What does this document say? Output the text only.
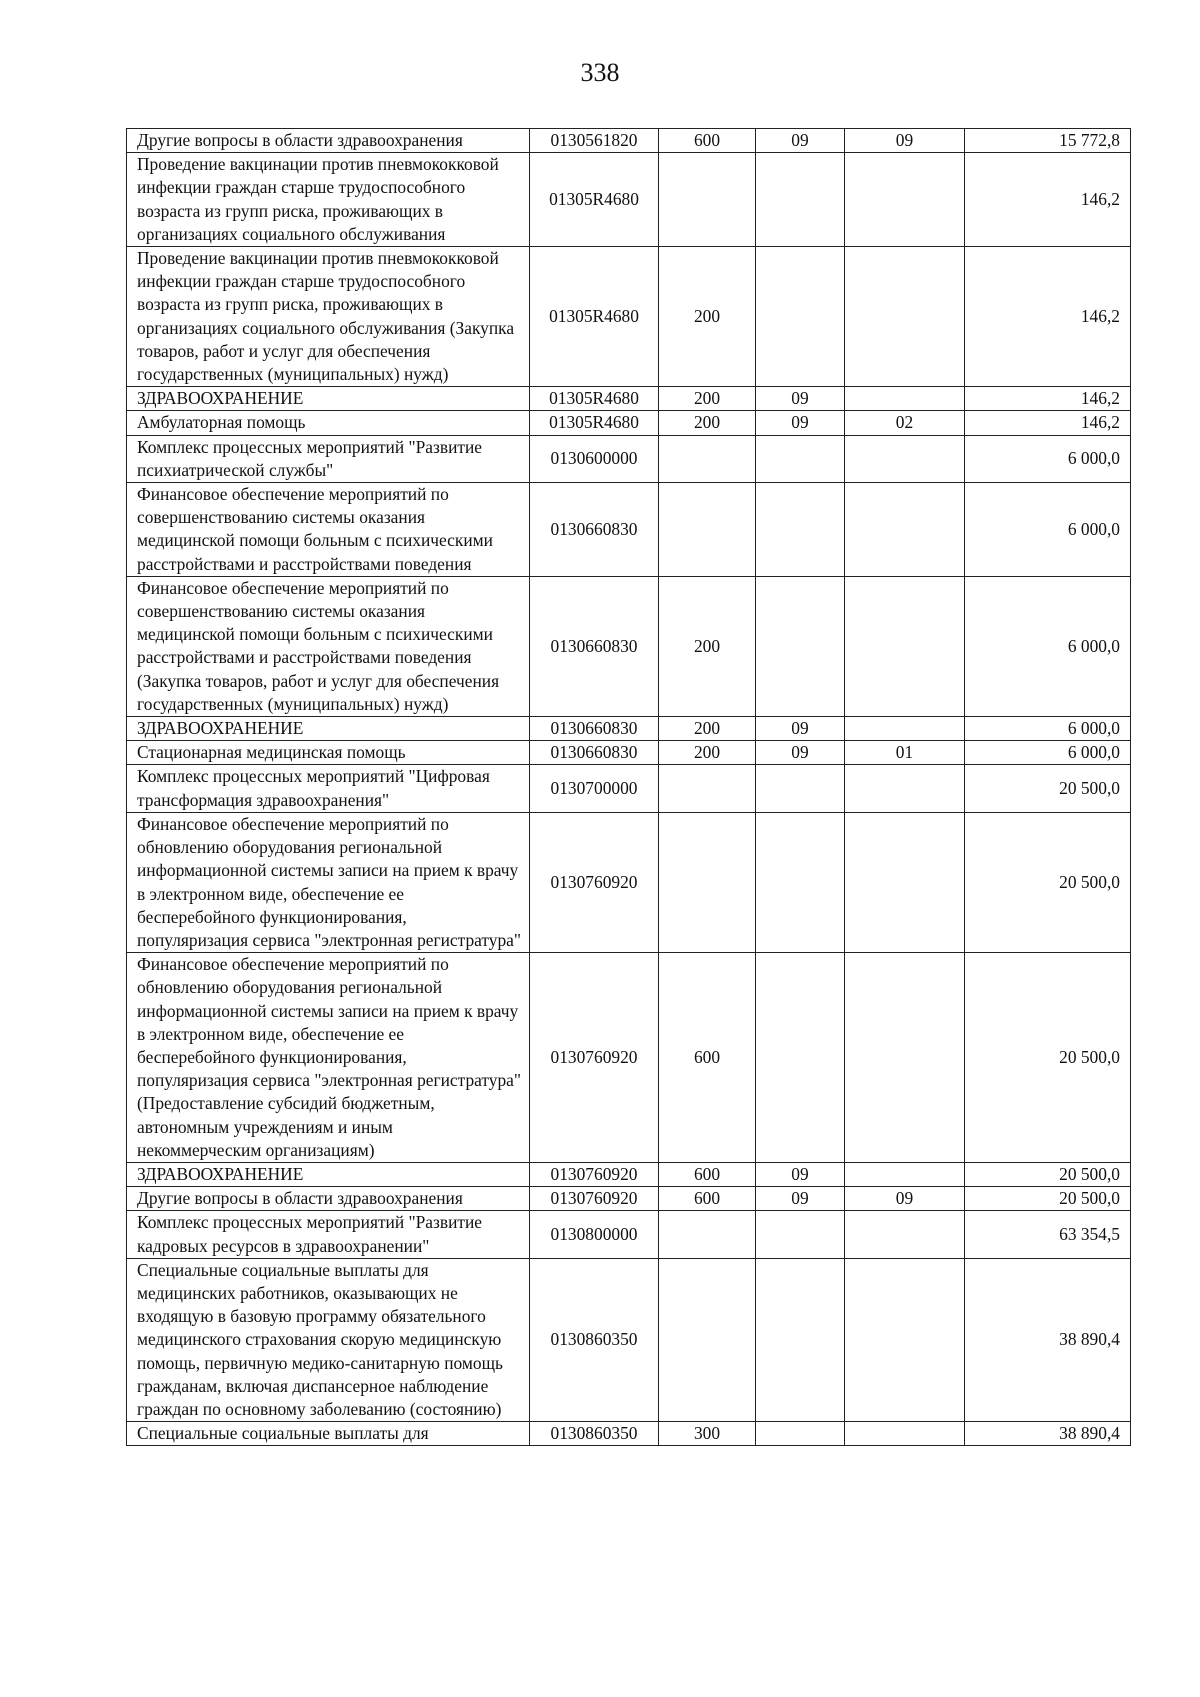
338
Другие вопросы в области здравоохранения	0130561820	600	09	09	15 772,8
Проведение вакцинации против пневмококковой инфекции граждан старше трудоспособного возраста из групп риска, проживающих в организациях социального обслуживания	01305R4680				146,2
Проведение вакцинации против пневмококковой инфекции граждан старше трудоспособного возраста из групп риска, проживающих в организациях социального обслуживания (Закупка товаров, работ и услуг для обеспечения государственных (муниципальных) нужд)	01305R4680	200			146,2
ЗДРАВООХРАНЕНИЕ	01305R4680	200	09		146,2
Амбулаторная помощь	01305R4680	200	09	02	146,2
Комплекс процессных мероприятий "Развитие психиатрической службы"	0130600000				6 000,0
Финансовое обеспечение мероприятий по совершенствованию системы оказания медицинской помощи больным с психическими расстройствами и расстройствами поведения	0130660830				6 000,0
Финансовое обеспечение мероприятий по совершенствованию системы оказания медицинской помощи больным с психическими расстройствами и расстройствами поведения (Закупка товаров, работ и услуг для обеспечения государственных (муниципальных) нужд)	0130660830	200			6 000,0
ЗДРАВООХРАНЕНИЕ	0130660830	200	09		6 000,0
Стационарная медицинская помощь	0130660830	200	09	01	6 000,0
Комплекс процессных мероприятий "Цифровая трансформация здравоохранения"	0130700000				20 500,0
Финансовое обеспечение мероприятий по обновлению оборудования региональной информационной системы записи на прием к врачу в электронном виде, обеспечение ее бесперебойного функционирования, популяризация сервиса "электронная регистратура"	0130760920				20 500,0
Финансовое обеспечение мероприятий по обновлению оборудования региональной информационной системы записи на прием к врачу в электронном виде, обеспечение ее бесперебойного функционирования, популяризация сервиса "электронная регистратура" (Предоставление субсидий бюджетным, автономным учреждениям и иным некоммерческим организациям)	0130760920	600			20 500,0
ЗДРАВООХРАНЕНИЕ	0130760920	600	09		20 500,0
Другие вопросы в области здравоохранения	0130760920	600	09	09	20 500,0
Комплекс процессных мероприятий "Развитие кадровых ресурсов в здравоохранении"	0130800000				63 354,5
Специальные социальные выплаты для медицинских работников, оказывающих не входящую в базовую программу обязательного медицинского страхования скорую медицинскую помощь, первичную медико-санитарную помощь гражданам, включая диспансерное наблюдение граждан по основному заболеванию (состоянию)	0130860350				38 890,4
Специальные социальные выплаты для	0130860350	300			38 890,4
